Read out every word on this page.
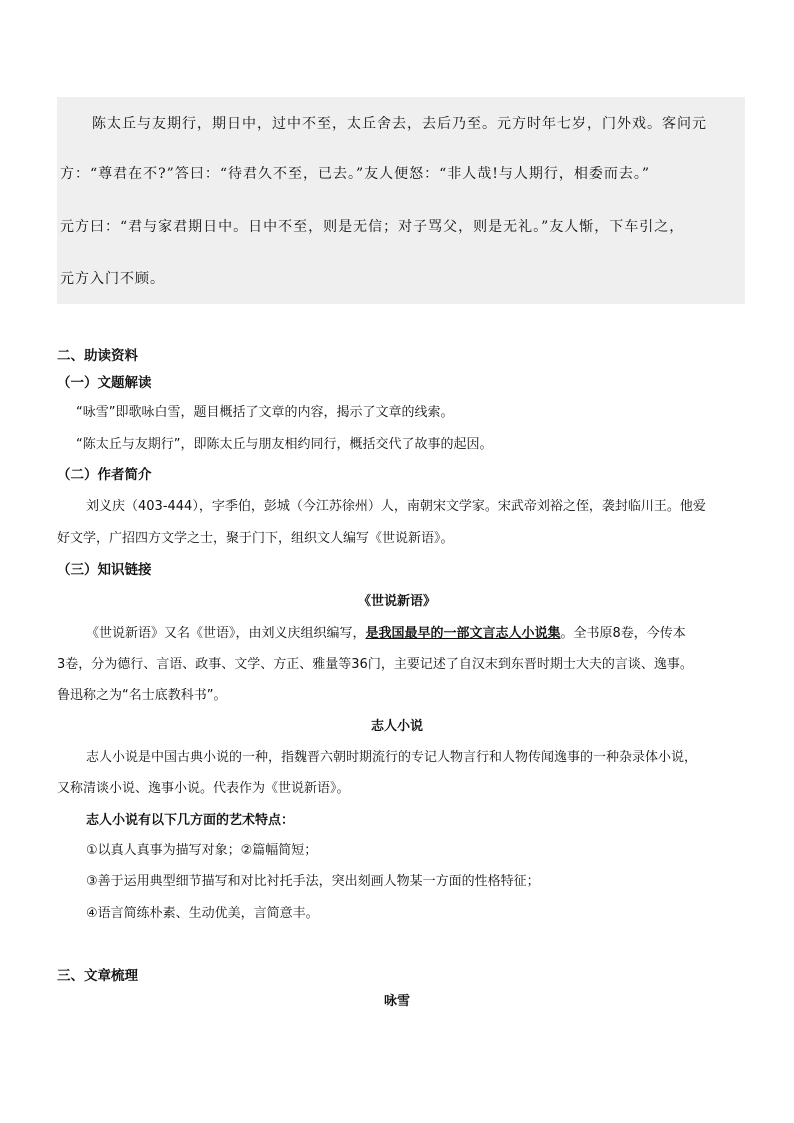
陈太丘与友期行，期日中，过中不至，太丘舍去，去后乃至。元方时年七岁，门外戏。客问元
方：“尊君在不?”答曰：“待君久不至，已去。”友人便怒：“非人哉!与人期行，相委而去。”
元方曰：“君与家君期日中。日中不至，则是无信；对子骂父，则是无礼。”友人惭，下车引之，
元方入门不顾。
二、助读资料
（一）文题解读
“咏雪”即歌咏白雪，题目概括了文章的内容，揭示了文章的线索。
“陈太丘与友期行”，即陈太丘与朋友相约同行，概括交代了故事的起因。
（二）作者简介
刘义庆（403-444），字季伯，彭城（今江苏徐州）人，南朝宋文学家。宋武帝刘裕之侄，袭封临川王。他爱
好文学，广招四方文学之士，聚于门下，组织文人编写《世说新语》。
（三）知识链接
《世说新语》
《世说新语》又名《世语》，由刘义庆组织编写，是我国最早的一部文言志人小说集。全书原8卷，今传本
3卷，分为德行、言语、政事、文学、方正、雅量等36门，主要记述了自汉末到东晋时期士大夫的言谈、逸事。
鲁迅称之为“名士底教科书”。
志人小说
志人小说是中国古典小说的一种，指魏晋六朝时期流行的专记人物言行和人物传闻逸事的一种杂录体小说，
又称清谈小说、逸事小说。代表作为《世说新语》。
志人小说有以下几方面的艺术特点：
①以真人真事为描写对象；②篇幅简短；
③善于运用典型细节描写和对比衬托手法，突出刻画人物某一方面的性格特征；
④语言简练朴素、生动优美，言简意丰。
三、文章梳理
咏雪
